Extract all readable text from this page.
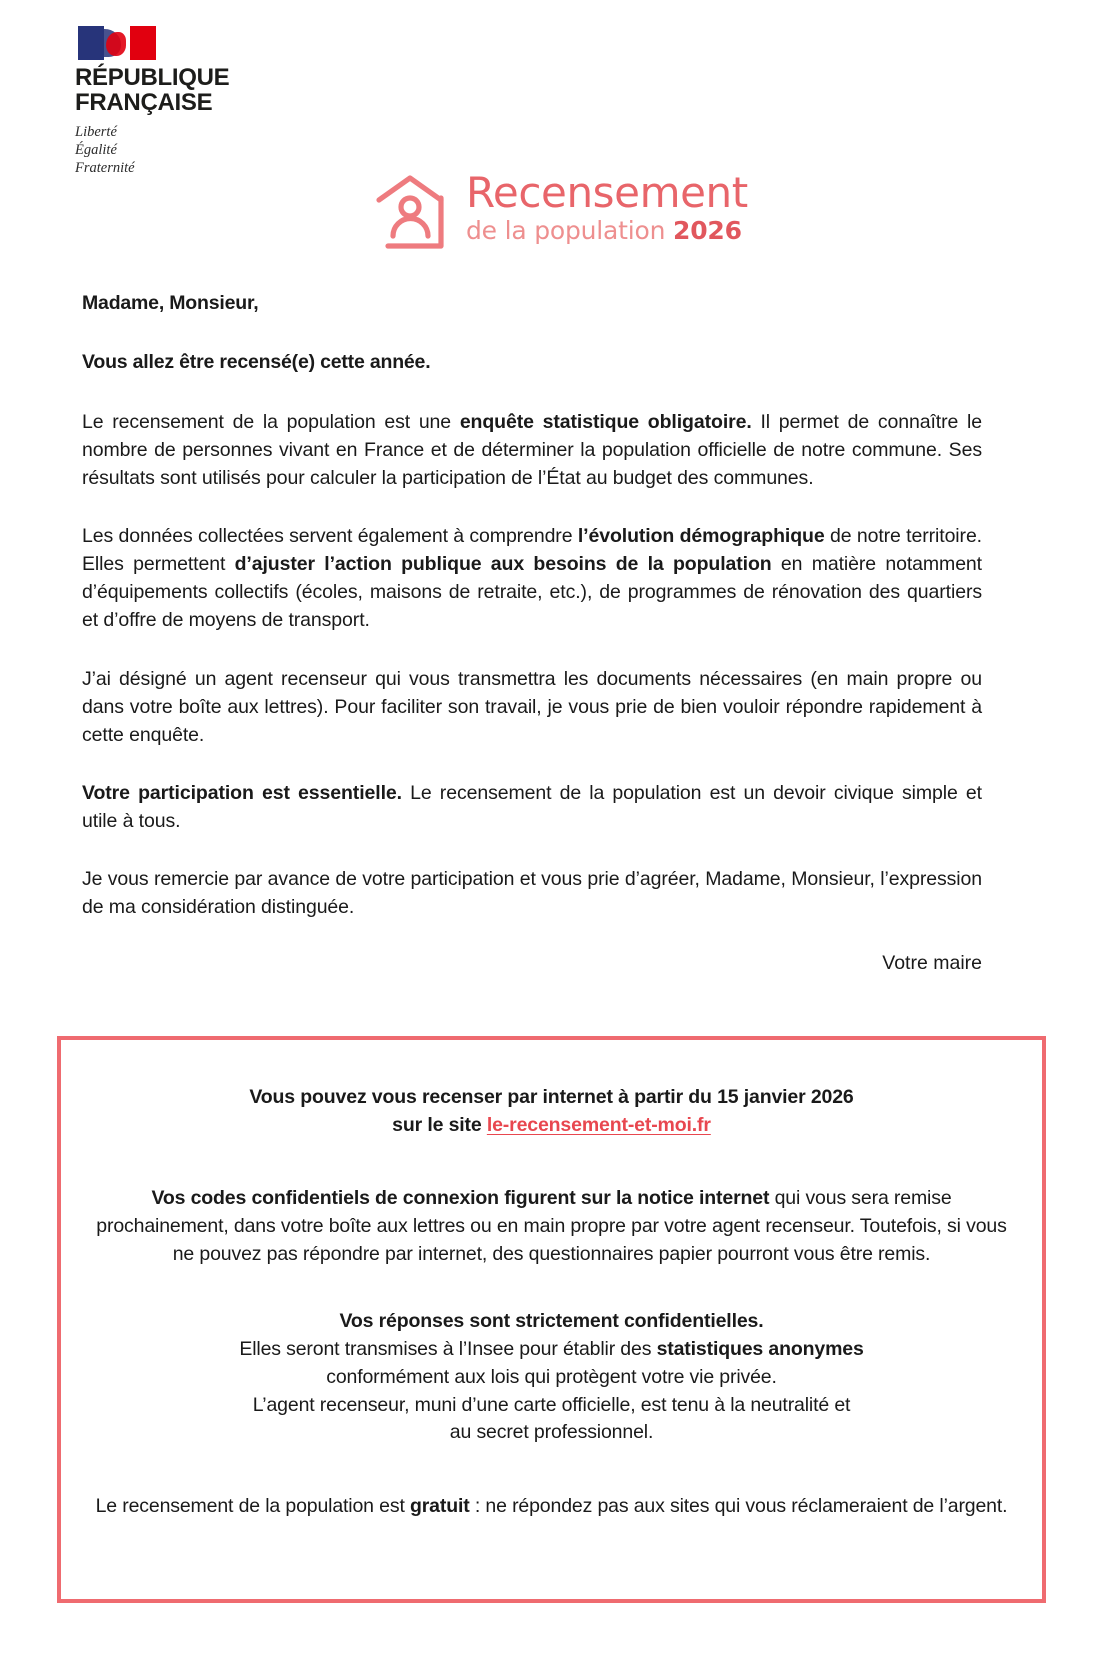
RÉPUBLIQUE
FRANÇAISE
Liberté
Égalité
Fraternité	Recensement
de la population 2026
Madame, Monsieur,
Vous allez être recensé(e) cette année.

Le recensement de la population est une enquête statistique obligatoire. Il permet de connaître le nombre de personnes vivant en France et de déterminer la population officielle de notre commune. Ses résultats sont utilisés pour calculer la participation de l’État au budget des communes.

Les données collectées servent également à comprendre l’évolution démographique de notre territoire. Elles permettent d’ajuster l’action publique aux besoins de la population en matière notamment d’équipements collectifs (écoles, maisons de retraite, etc.), de programmes de rénovation des quartiers et d’offre de moyens de transport.

J’ai désigné un agent recenseur qui vous transmettra les documents nécessaires (en main propre ou dans votre boîte aux lettres). Pour faciliter son travail, je vous prie de bien vouloir répondre rapidement à cette enquête.

Votre participation est essentielle. Le recensement de la population est un devoir civique simple et utile à tous.

Je vous remercie par avance de votre participation et vous prie d’agréer, Madame, Monsieur, l’expression de ma considération distinguée.

Votre maire
Vous pouvez vous recenser par internet à partir du 15 janvier 2026
sur le site le-recensement-et-moi.fr
Vos codes confidentiels de connexion figurent sur la notice internet qui vous sera remise prochainement, dans votre boîte aux lettres ou en main propre par votre agent recenseur. Toutefois, si vous ne pouvez pas répondre par internet, des questionnaires papier pourront vous être remis.
Vos réponses sont strictement confidentielles.
Elles seront transmises à l’Insee pour établir des statistiques anonymes
conformément aux lois qui protègent votre vie privée.
L’agent recenseur, muni d’une carte officielle, est tenu à la neutralité et
au secret professionnel.
Le recensement de la population est gratuit : ne répondez pas aux sites qui vous réclameraient de l’argent.
